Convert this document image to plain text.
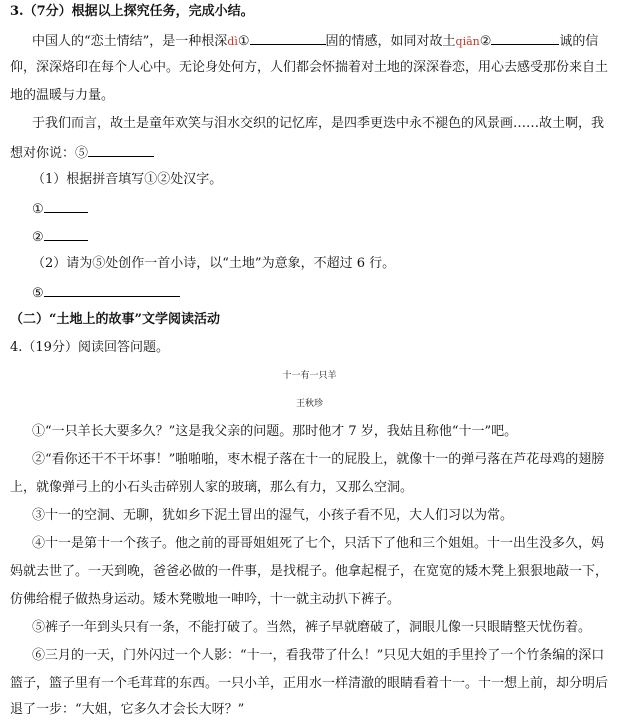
3.（7分）根据以上探究任务，完成小结。
中国人的“恋土情结”，是一种根深dì①	固的情感，如同对故土qiān②	诚的信
仰，深深烙印在每个人心中。无论身处何方，人们都会怀揣着对土地的深深眷恋，用心去感受那份来自土
地的温暖与力量。
于我们而言，故土是童年欢笑与泪水交织的记忆库，是四季更迭中永不褪色的风景画……故土啊，我
想对你说：⑤
（1）根据拼音填写①②处汉字。
①
②
（2）请为⑤处创作一首小诗，以“土地”为意象，不超过 6 行。
⑤
（二）“土地上的故事”文学阅读活动
4.（19分）阅读回答问题。
十一有一只羊
王秋珍
①“一只羊长大要多久？”这是我父亲的问题。那时他才 7 岁，我姑且称他“十一”吧。
②“看你还干不干坏事！”啪啪啪，枣木棍子落在十一的屁股上，就像十一的弹弓落在芦花母鸡的翅膀
上，就像弹弓上的小石头击碎别人家的玻璃，那么有力，又那么空洞。
③十一的空洞、无聊，犹如乡下泥土冒出的湿气，小孩子看不见，大人们习以为常。
④十一是第十一个孩子。他之前的哥哥姐姐死了七个，只活下了他和三个姐姐。十一出生没多久，妈
妈就去世了。一天到晚，爸爸必做的一件事，是找棍子。他拿起棍子，在宽宽的矮木凳上狠狠地敲一下，
仿佛给棍子做热身运动。矮木凳嗷地一呻吟，十一就主动扒下裤子。
⑤裤子一年到头只有一条，不能打破了。当然，裤子早就磨破了，洞眼儿像一只眼睛整天忧伤着。
⑥三月的一天，门外闪过一个人影：“十一，看我带了什么！”只见大姐的手里拎了一个竹条编的深口
篮子，篮子里有一个毛茸茸的东西。一只小羊，正用水一样清澈的眼睛看着十一。十一想上前，却分明后
退了一步：“大姐，它多久才会长大呀？”
